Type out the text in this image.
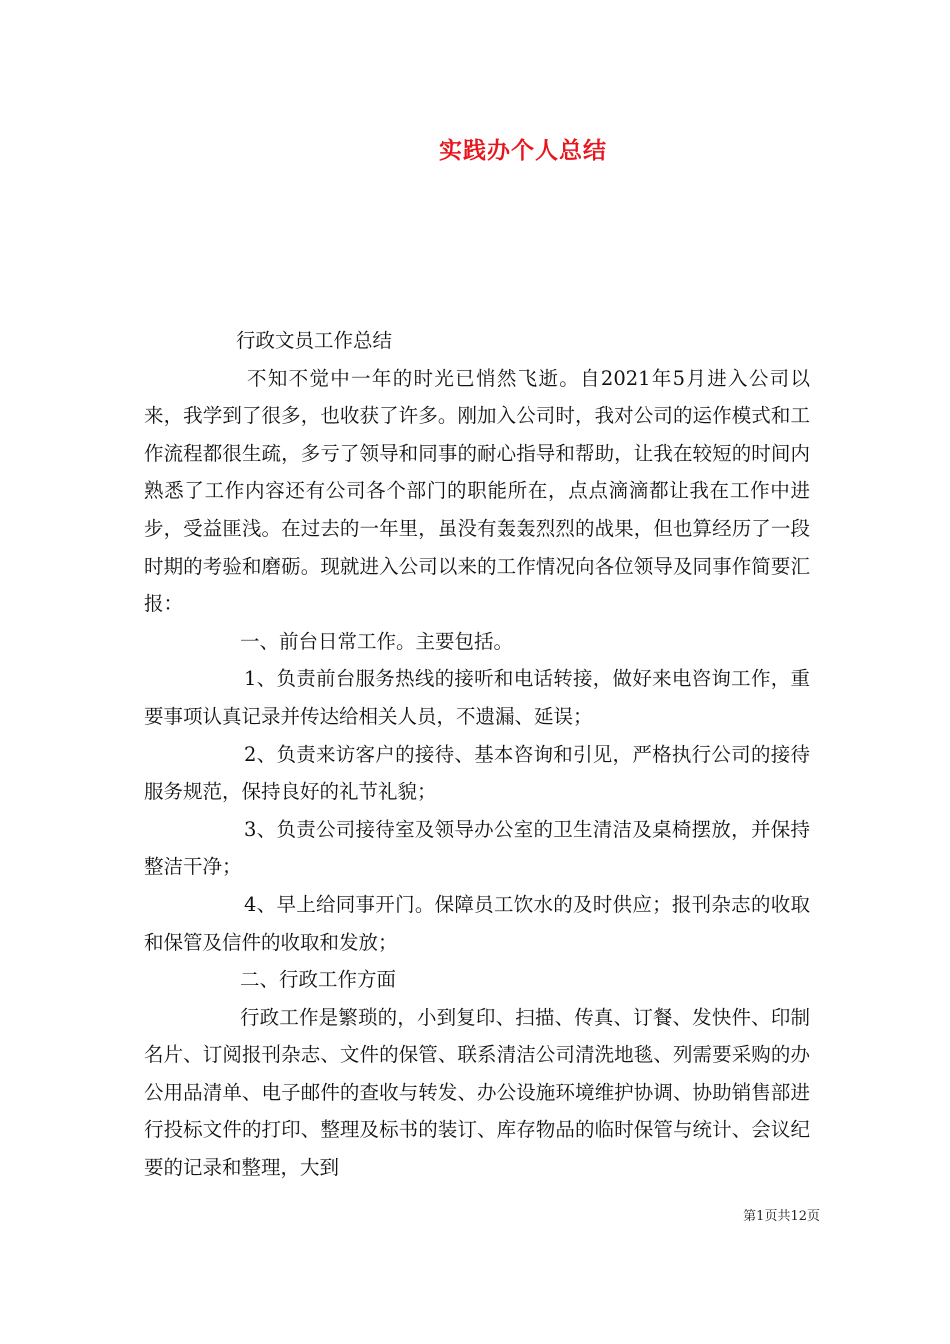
实践办个人总结

行政文员工作总结

不知不觉中一年的时光已悄然飞逝。自2021年5月进入公司以来，我学到了很多，也收获了许多。刚加入公司时，我对公司的运作模式和工作流程都很生疏，多亏了领导和同事的耐心指导和帮助，让我在较短的时间内熟悉了工作内容还有公司各个部门的职能所在，点点滴滴都让我在工作中进步，受益匪浅。在过去的一年里，虽没有轰轰烈烈的战果，但也算经历了一段时期的考验和磨砺。现就进入公司以来的工作情况向各位领导及同事作简要汇报：

一、前台日常工作。主要包括。

1、负责前台服务热线的接听和电话转接，做好来电咨询工作，重要事项认真记录并传达给相关人员，不遗漏、延误；

2、负责来访客户的接待、基本咨询和引见，严格执行公司的接待服务规范，保持良好的礼节礼貌；

3、负责公司接待室及领导办公室的卫生清洁及桌椅摆放，并保持整洁干净；

4、早上给同事开门。保障员工饮水的及时供应；报刊杂志的收取和保管及信件的收取和发放；

二、行政工作方面

行政工作是繁琐的，小到复印、扫描、传真、订餐、发快件、印制名片、订阅报刊杂志、文件的保管、联系清洁公司清洗地毯、列需要采购的办公用品清单、电子邮件的查收与转发、办公设施环境维护协调、协助销售部进行投标文件的打印、整理及标书的装订、库存物品的临时保管与统计、会议纪要的记录和整理，大到

第1页共12页
